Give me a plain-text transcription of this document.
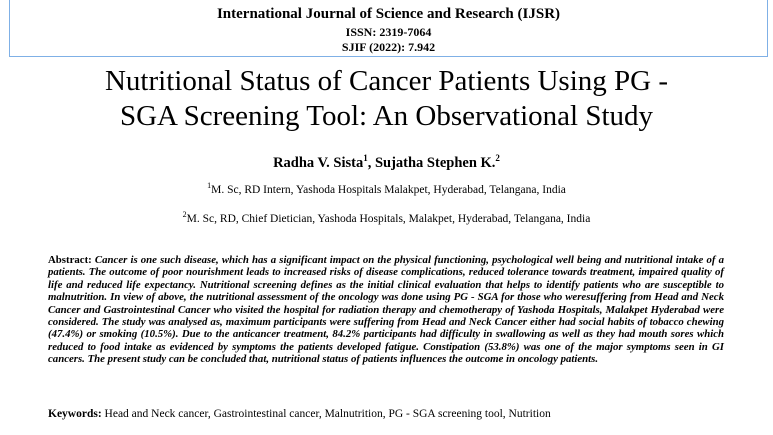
International Journal of Science and Research (IJSR)
ISSN: 2319-7064
SJIF (2022): 7.942
Nutritional Status of Cancer Patients Using PG -
SGA Screening Tool: An Observational Study
Radha V. Sista$^1$, Sujatha Stephen K.$^2$
$^1$M. Sc, RD Intern, Yashoda Hospitals Malakpet, Hyderabad, Telangana, India
$^2$M. Sc, RD, Chief Dietician, Yashoda Hospitals, Malakpet, Hyderabad, Telangana, India
Abstract: Cancer is one such disease, which has a significant impact on the physical functioning, psychological well being and nutritional intake of a patients. The outcome of poor nourishment leads to increased risks of disease complications, reduced tolerance towards treatment, impaired quality of life and reduced life expectancy. Nutritional screening defines as the initial clinical evaluation that helps to identify patients who are susceptible to malnutrition. In view of above, the nutritional assessment of the oncology was done using PG - SGA for those who weresuffering from Head and Neck Cancer and Gastrointestinal Cancer who visited the hospital for radiation therapy and chemotherapy of Yashoda Hospitals, Malakpet Hyderabad were considered. The study was analysed as, maximum participants were suffering from Head and Neck Cancer either had social habits of tobacco chewing (47.4%) or smoking (10.5%). Due to the anticancer treatment, 84.2% participants had difficulty in swallowing as well as they had mouth sores which reduced to food intake as evidenced by symptoms the patients developed fatigue. Constipation (53.8%) was one of the major symptoms seen in GI cancers. The present study can be concluded that, nutritional status of patients influences the outcome in oncology patients.
Keywords: Head and Neck cancer, Gastrointestinal cancer, Malnutrition, PG - SGA screening tool, Nutrition
